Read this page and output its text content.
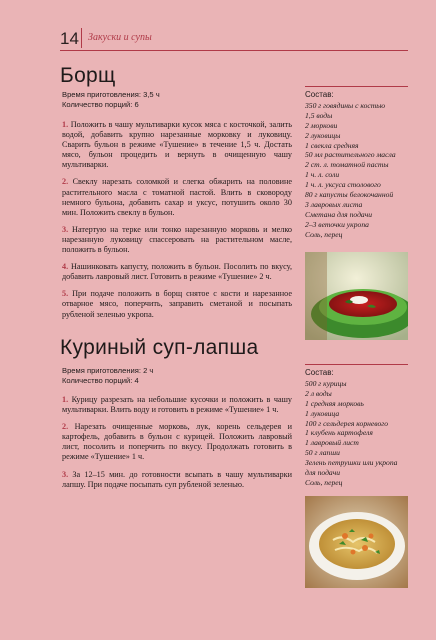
14 Закуски и супы
Борщ
Время приготовления: 3,5 ч
Количество порций: 6

1. Положить в чашу мультиварки кусок мяса с косточкой, залить водой, добавить крупно нарезанные морковку и луковицу. Сварить бульон в режиме «Тушение» в течение 1,5 ч. Достать мясо, бульон процедить и вернуть в очищенную чашу мультиварки.

2. Свеклу нарезать соломкой и слегка обжарить на половине растительного масла с томатной пастой. Влить в сковороду немного бульона, добавить сахар и уксус, потушить около 30 мин. Положить свеклу в бульон.

3. Натертую на терке или тонко нарезанную морковь и мелко нарезанную луковицу спассеровать на растительном масле, положить в бульон.

4. Нашинковать капусту, положить в бульон. Посолить по вкусу, добавить лавровый лист. Готовить в режиме «Тушение» 2 ч.

5. При подаче положить в борщ снятое с кости и нарезанное отварное мясо, поперчить, заправить сметаной и посыпать рубленой зеленью укропа.

Состав:
350 г говядины с костью
1,5 воды
2 моркови
2 луковицы
1 свекла средняя
50 мл растительного масла
2 ст. л. томатной пасты
1 ч. л. соли
1 ч. л. уксуса столового
80 г капусты белокочанной
3 лавровых листа
Сметана для подачи
2–3 веточки укропа
Соль, перец
Куриный суп-лапша
Время приготовления: 2 ч
Количество порций: 4

1. Курицу разрезать на небольшие кусочки и положить в чашу мультиварки. Влить воду и готовить в режиме «Тушение» 1 ч.

2. Нарезать очищенные морковь, лук, корень сельдерея и картофель, добавить в бульон с курицей. Положить лавровый лист, посолить и поперчить по вкусу. Продолжать готовить в режиме «Тушение» 1 ч.

3. За 12–15 мин. до готовности всыпать в чашу мультиварки лапшу. При подаче посыпать суп рубленой зеленью.

Состав:
500 г курицы
2 л воды
1 средняя морковь
1 луковица
100 г сельдерея корневого
1 клубень картофеля
1 лавровый лист
50 г лапши
Зелень петрушки или укропа для подачи
Соль, перец
